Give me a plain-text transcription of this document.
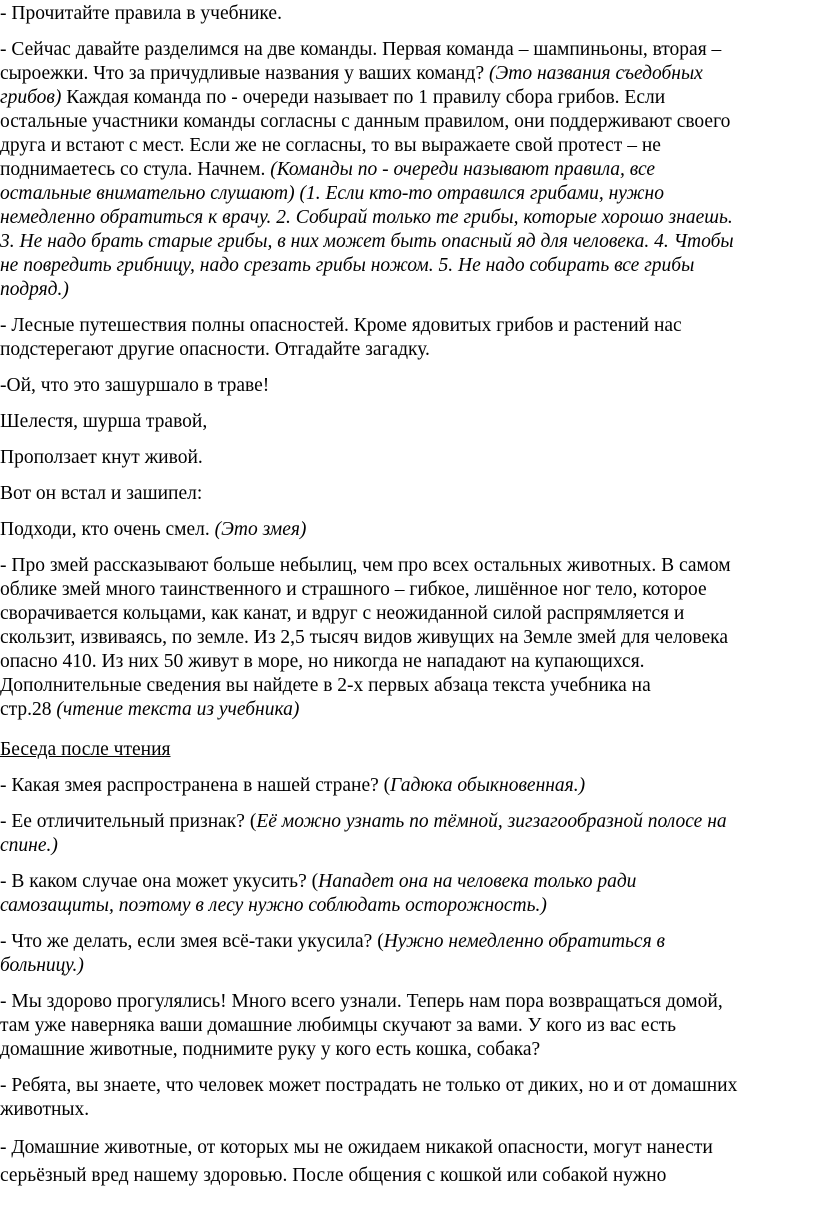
- Прочитайте правила в учебнике.
- Сейчас давайте разделимся на две команды. Первая команда – шампиньоны, вторая –
сыроежки. Что за причудливые названия у ваших команд? (Это названия съедобных
грибов) Каждая команда по - очереди называет по 1 правилу сбора грибов. Если
остальные участники команды согласны с данным правилом, они поддерживают своего
друга и встают с мест. Если же не согласны, то вы выражаете свой протест – не
поднимаетесь со стула. Начнем. (Команды по - очереди называют правила, все
остальные внимательно слушают) (1. Если кто-то отравился грибами, нужно
немедленно обратиться к врачу. 2. Собирай только те грибы, которые хорошо знаешь.
3. Не надо брать старые грибы, в них может быть опасный яд для человека. 4. Чтобы
не повредить грибницу, надо срезать грибы ножом. 5. Не надо собирать все грибы
подряд.)
- Лесные путешествия полны опасностей. Кроме ядовитых грибов и растений нас
подстерегают другие опасности. Отгадайте загадку.
-Ой, что это зашуршало в траве!
Шелестя, шурша травой,
Проползает кнут живой.
Вот он встал и зашипел:
Подходи, кто очень смел. (Это змея)
- Про змей рассказывают больше небылиц, чем про всех остальных животных. В самом
облике змей много таинственного и страшного – гибкое, лишённое ног тело, которое
сворачивается кольцами, как канат, и вдруг с неожиданной силой распрямляется и
скользит, извиваясь, по земле. Из 2,5 тысяч видов живущих на Земле змей для человека
опасно 410. Из них 50 живут в море, но никогда не нападают на купающихся.
Дополнительные сведения вы найдете в 2-х первых абзаца текста учебника на
стр.28 (чтение текста из учебника)
Беседа после чтения
- Какая змея распространена в нашей стране? (Гадюка обыкновенная.)
- Ее отличительный признак? (Её можно узнать по тёмной, зигзагообразной полосе на
спине.)
- В каком случае она может укусить? (Нападет она на человека только ради
самозащиты, поэтому в лесу нужно соблюдать осторожность.)
- Что же делать, если змея всё-таки укусила? (Нужно немедленно обратиться в
больницу.)
- Мы здорово прогулялись! Много всего узнали. Теперь нам пора возвращаться домой,
там уже наверняка ваши домашние любимцы скучают за вами. У кого из вас есть
домашние животные, поднимите руку у кого есть кошка, собака?
- Ребята, вы знаете, что человек может пострадать не только от диких, но и от домашних
животных.
- Домашние животные, от которых мы не ожидаем никакой опасности, могут нанести
серьёзный вред нашему здоровью. После общения с кошкой или собакой нужно
